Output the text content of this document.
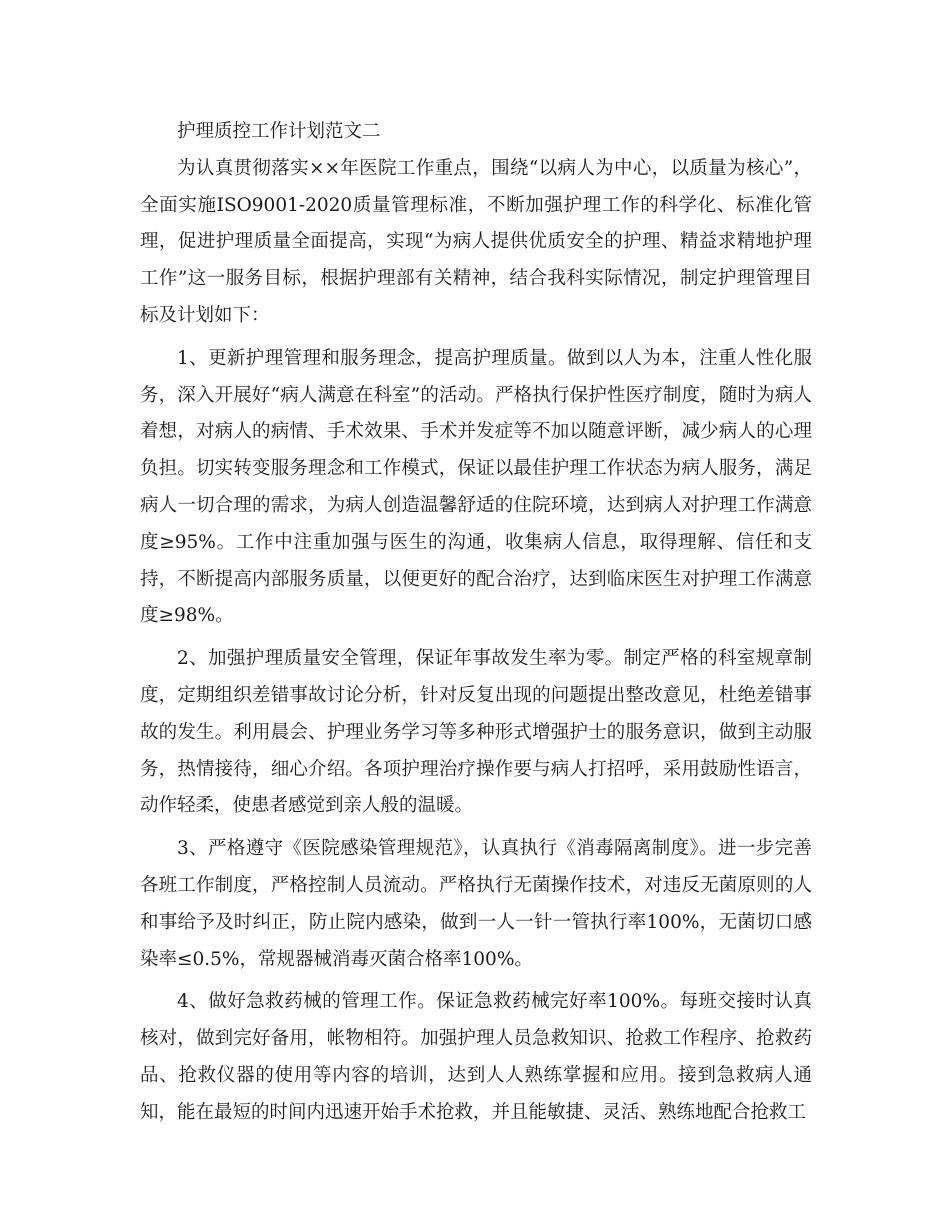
护理质控工作计划范文二

为认真贯彻落实××年医院工作重点，围绕“以病人为中心，以质量为核心”，全面实施ISO9001-2020质量管理标准，不断加强护理工作的科学化、标准化管理，促进护理质量全面提高，实现“为病人提供优质安全的护理、精益求精地护理工作”这一服务目标，根据护理部有关精神，结合我科实际情况，制定护理管理目标及计划如下：

1、更新护理管理和服务理念，提高护理质量。做到以人为本，注重人性化服务，深入开展好“病人满意在科室”的活动。严格执行保护性医疗制度，随时为病人着想，对病人的病情、手术效果、手术并发症等不加以随意评断，减少病人的心理负担。切实转变服务理念和工作模式，保证以最佳护理工作状态为病人服务，满足病人一切合理的需求，为病人创造温馨舒适的住院环境，达到病人对护理工作满意度≥95%。工作中注重加强与医生的沟通，收集病人信息，取得理解、信任和支持，不断提高内部服务质量，以便更好的配合治疗，达到临床医生对护理工作满意度≥98%。

2、加强护理质量安全管理，保证年事故发生率为零。制定严格的科室规章制度，定期组织差错事故讨论分析，针对反复出现的问题提出整改意见，杜绝差错事故的发生。利用晨会、护理业务学习等多种形式增强护士的服务意识，做到主动服务，热情接待，细心介绍。各项护理治疗操作要与病人打招呼，采用鼓励性语言，动作轻柔，使患者感觉到亲人般的温暖。

3、严格遵守《医院感染管理规范》，认真执行《消毒隔离制度》。进一步完善各班工作制度，严格控制人员流动。严格执行无菌操作技术，对违反无菌原则的人和事给予及时纠正，防止院内感染，做到一人一针一管执行率100%，无菌切口感染率≤0.5%，常规器械消毒灭菌合格率100%。

4、做好急救药械的管理工作。保证急救药械完好率100%。每班交接时认真核对，做到完好备用，帐物相符。加强护理人员急救知识、抢救工作程序、抢救药品、抢救仪器的使用等内容的培训，达到人人熟练掌握和应用。接到急救病人通知，能在最短的时间内迅速开始手术抢救，并且能敏捷、灵活、熟练地配合抢救工
